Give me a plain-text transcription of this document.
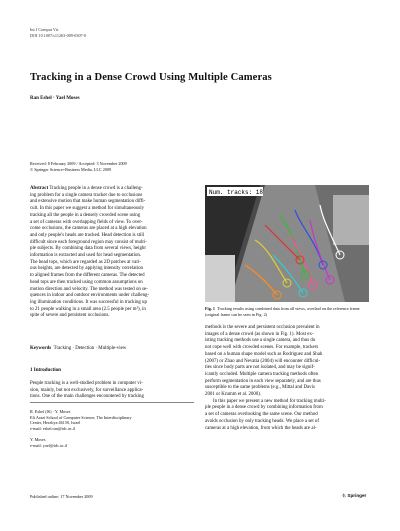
Int J Comput Vis
DOI 10.1007/s11263-009-0307-0
Tracking in a Dense Crowd Using Multiple Cameras
Ran Eshel · Yael Moses
Received: 8 February 2009 / Accepted: 3 November 2009
© Springer Science+Business Media, LLC 2009

Abstract Tracking people in a dense crowd is a challeng-

ing problem for a single camera tracker due to occlusions

and extensive motion that make human segmentation diffi-

cult. In this paper we suggest a method for simultaneously

tracking all the people in a densely crowded scene using

a set of cameras with overlapping fields of view. To over-

come occlusions, the cameras are placed at a high elevation

and only people's heads are tracked. Head detection is still

difficult since each foreground region may consist of multi-

ple subjects. By combining data from several views, height

information is extracted and used for head segmentation.

The head tops, which are regarded as 2D patches at vari-

ous heights, are detected by applying intensity correlation

to aligned frames from the different cameras. The detected

head tops are then tracked using common assumptions on

motion direction and velocity. The method was tested on se-

quences in indoor and outdoor environments under challeng-

ing illumination conditions. It was successful in tracking up

to 21 people walking in a small area (2.5 people per m²), in

spite of severe and persistent occlusions.

Keywords Tracking · Detection · Multiple-view
1 Introduction

People tracking is a well-studied problem in computer vi-

sion, mainly, but not exclusively, for surveillance applica-

tions. One of the main challenges encountered by tracking

R. Eshel (✉) · Y. Moses

Efi Arazi School of Computer Science, The Interdisciplinary

Center, Herzliya 46150, Israel

e-mail: eshel.ran@idc.ac.il

Y. Moses

e-mail: yael@idc.ac.il

Published online: 17 November 2009	♘ Springer
Num. tracks: 18
Fig. 1 Tracking results using combined data from all views, overlaid on the reference frame (original frame can be seen in Fig. 2)

methods is the severe and persistent occlusion prevalent in

images of a dense crowd (as shown in Fig. 1). Most ex-

isting tracking methods use a single camera, and thus do

not cope well with crowded scenes. For example, trackers

based on a human shape model such as Rodriguez and Shah

(2007) or Zhao and Nevatia (2004) will encounter difficul-

ties since body parts are not isolated, and may be signif-

icantly occluded. Multiple camera tracking methods often

perform segmentation in each view separately, and are thus

susceptible to the same problems (e.g., Mittal and Davis

2001 or Krumm et al. 2000).

In this paper we present a new method for tracking multi-

ple people in a dense crowd by combining information from

a set of cameras overlooking the same scene. Our method

avoids occlusion by only tracking heads. We place a set of

cameras at a high elevation, from which the heads are al-
